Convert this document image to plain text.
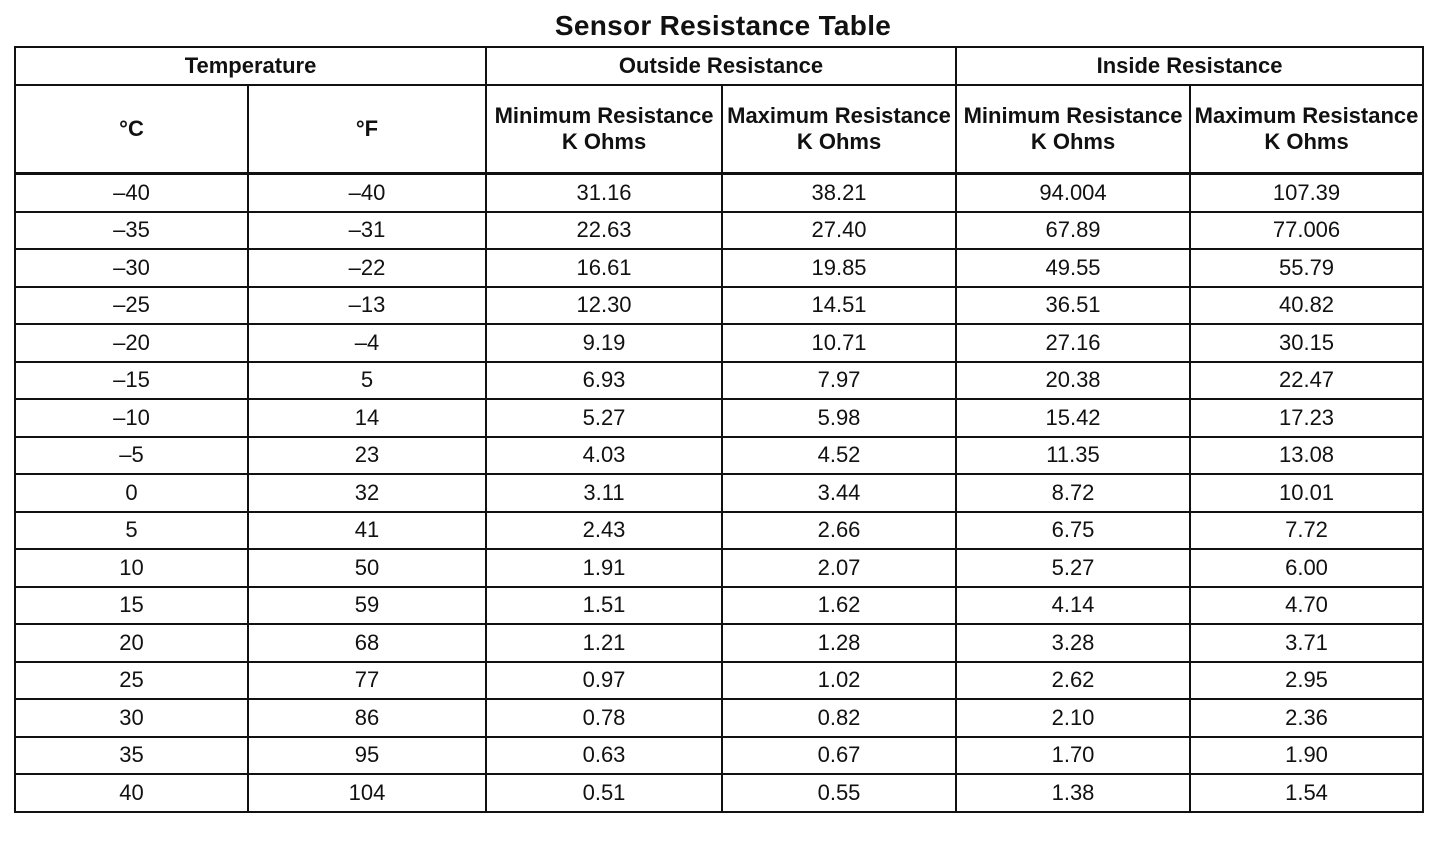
Sensor Resistance Table
Temperature		Outside Resistance		Inside Resistance	
°C	°F	Minimum Resistance K Ohms	Maximum Resistance K Ohms	Minimum Resistance K Ohms	Maximum Resistance K Ohms
–40	–40	31.16	38.21	94.004	107.39
–35	–31	22.63	27.40	67.89	77.006
–30	–22	16.61	19.85	49.55	55.79
–25	–13	12.30	14.51	36.51	40.82
–20	–4	9.19	10.71	27.16	30.15
–15	5	6.93	7.97	20.38	22.47
–10	14	5.27	5.98	15.42	17.23
–5	23	4.03	4.52	11.35	13.08
0	32	3.11	3.44	8.72	10.01
5	41	2.43	2.66	6.75	7.72
10	50	1.91	2.07	5.27	6.00
15	59	1.51	1.62	4.14	4.70
20	68	1.21	1.28	3.28	3.71
25	77	0.97	1.02	2.62	2.95
30	86	0.78	0.82	2.10	2.36
35	95	0.63	0.67	1.70	1.90
40	104	0.51	0.55	1.38	1.54
